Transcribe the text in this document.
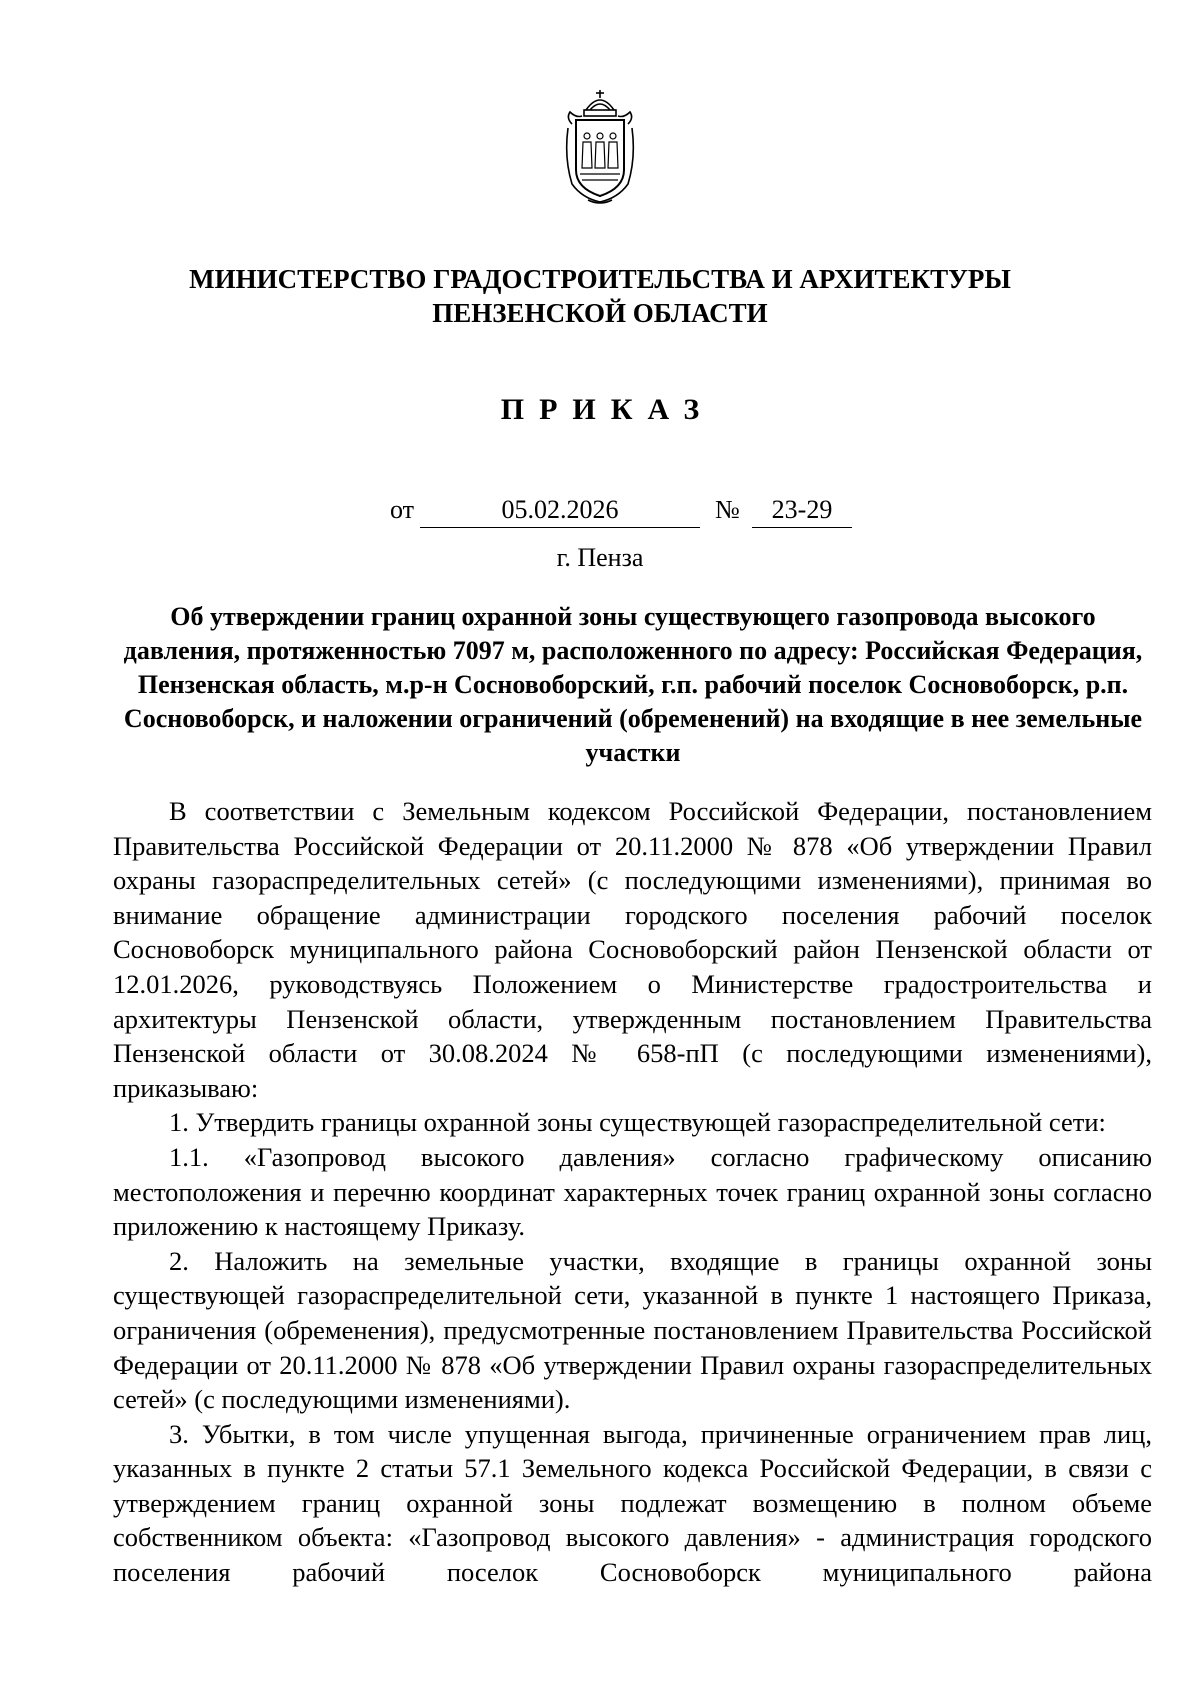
МИНИСТЕРСТВО ГРАДОСТРОИТЕЛЬСТВА И АРХИТЕКТУРЫ
ПЕНЗЕНСКОЙ ОБЛАСТИ
ПРИКАЗ
от	05.02.2026	№	23-29
г. Пенза
Об утверждении границ охранной зоны существующего газопровода высокого давления, протяженностью 7097 м, расположенного по адресу: Российская Федерация, Пензенская область, м.р-н Сосновоборский, г.п. рабочий поселок Сосновоборск, р.п. Сосновоборск, и наложении ограничений (обременений) на входящие в нее земельные участки

В соответствии с Земельным кодексом Российской Федерации, постановлением Правительства Российской Федерации от 20.11.2000 № 878 «Об утверждении Правил охраны газораспределительных сетей» (с последующими изменениями), принимая во внимание обращение администрации городского поселения рабочий поселок Сосновоборск муниципального района Сосновоборский район Пензенской области от 12.01.2026, руководствуясь Положением о Министерстве градостроительства и архитектуры Пензенской области, утвержденным постановлением Правительства Пензенской области от 30.08.2024 № 658-пП (с последующими изменениями), приказываю:

1. Утвердить границы охранной зоны существующей газораспределительной сети:

1.1. «Газопровод высокого давления» согласно графическому описанию местоположения и перечню координат характерных точек границ охранной зоны согласно приложению к настоящему Приказу.

2. Наложить на земельные участки, входящие в границы охранной зоны существующей газораспределительной сети, указанной в пункте 1 настоящего Приказа, ограничения (обременения), предусмотренные постановлением Правительства Российской Федерации от 20.11.2000 № 878 «Об утверждении Правил охраны газораспределительных сетей» (с последующими изменениями).

3. Убытки, в том числе упущенная выгода, причиненные ограничением прав лиц, указанных в пункте 2 статьи 57.1 Земельного кодекса Российской Федерации, в связи с утверждением границ охранной зоны подлежат возмещению в полном объеме собственником объекта: «Газопровод высокого давления» - администрация городского поселения рабочий поселок Сосновоборск муниципального района
